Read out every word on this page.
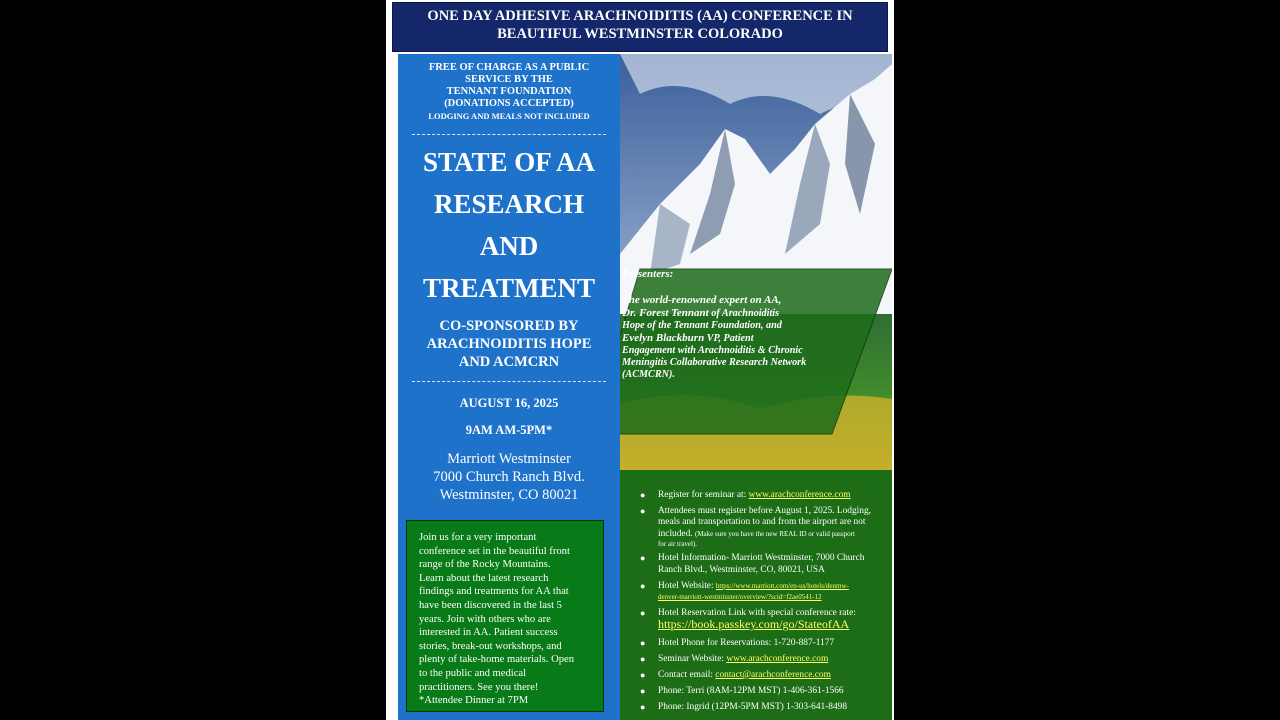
ONE DAY ADHESIVE ARACHNOIDITIS (AA) CONFERENCE IN
BEAUTIFUL WESTMINSTER COLORADO
FREE OF CHARGE AS A PUBLIC
SERVICE BY THE
TENNANT FOUNDATION
(DONATIONS ACCEPTED)
LODGING AND MEALS NOT INCLUDED
STATE OF AA
RESEARCH
AND
TREATMENT
CO-SPONSORED BY
ARACHNOIDITIS HOPE
AND ACMCRN
AUGUST 16, 2025
9AM AM-5PM*
Marriott Westminster
7000 Church Ranch Blvd.
Westminster, CO 80021
Join us for a very important
conference set in the beautiful front
range of the Rocky Mountains.
Learn about the latest research
findings and treatments for AA that
have been discovered in the last 5
years. Join with others who are
interested in AA. Patient success
stories, break-out workshops, and
plenty of take-home materials. Open
to the public and medical
practitioners. See you there!
*Attendee Dinner at 7PM
● Register for seminar at: www.arachconference.com
● Attendees must register before August 1, 2025. Lodging,
meals and transportation to and from the airport are not
included. (Make sure you have the new REAL ID or valid passport
for air travel).
● Hotel Information- Marriott Westminster, 7000 Church
Ranch Blvd., Westminster, CO, 80021, USA
● Hotel Website: https://www.marriott.com/en-us/hotels/denmw-
denver-marriott-westminster/overview/?scid=f2ae0541-12
● Hotel Reservation Link with special conference rate:
https://book.passkey.com/go/StateofAA
● Hotel Phone for Reservations: 1-720-887-1177
● Seminar Website: www.arachconference.com
● Contact email: contact@arachconference.com
● Phone: Terri (8AM-12PM MST) 1-406-361-1566
● Phone: Ingrid (12PM-5PM MST) 1-303-641-8498
Presenters:
The world-renowned expert on AA,
Dr. Forest Tennant of Arachnoiditis
Hope of the Tennant Foundation, and
Evelyn Blackburn VP, Patient
Engagement with Arachnoiditis & Chronic
Meningitis Collaborative Research Network
(ACMCRN).
